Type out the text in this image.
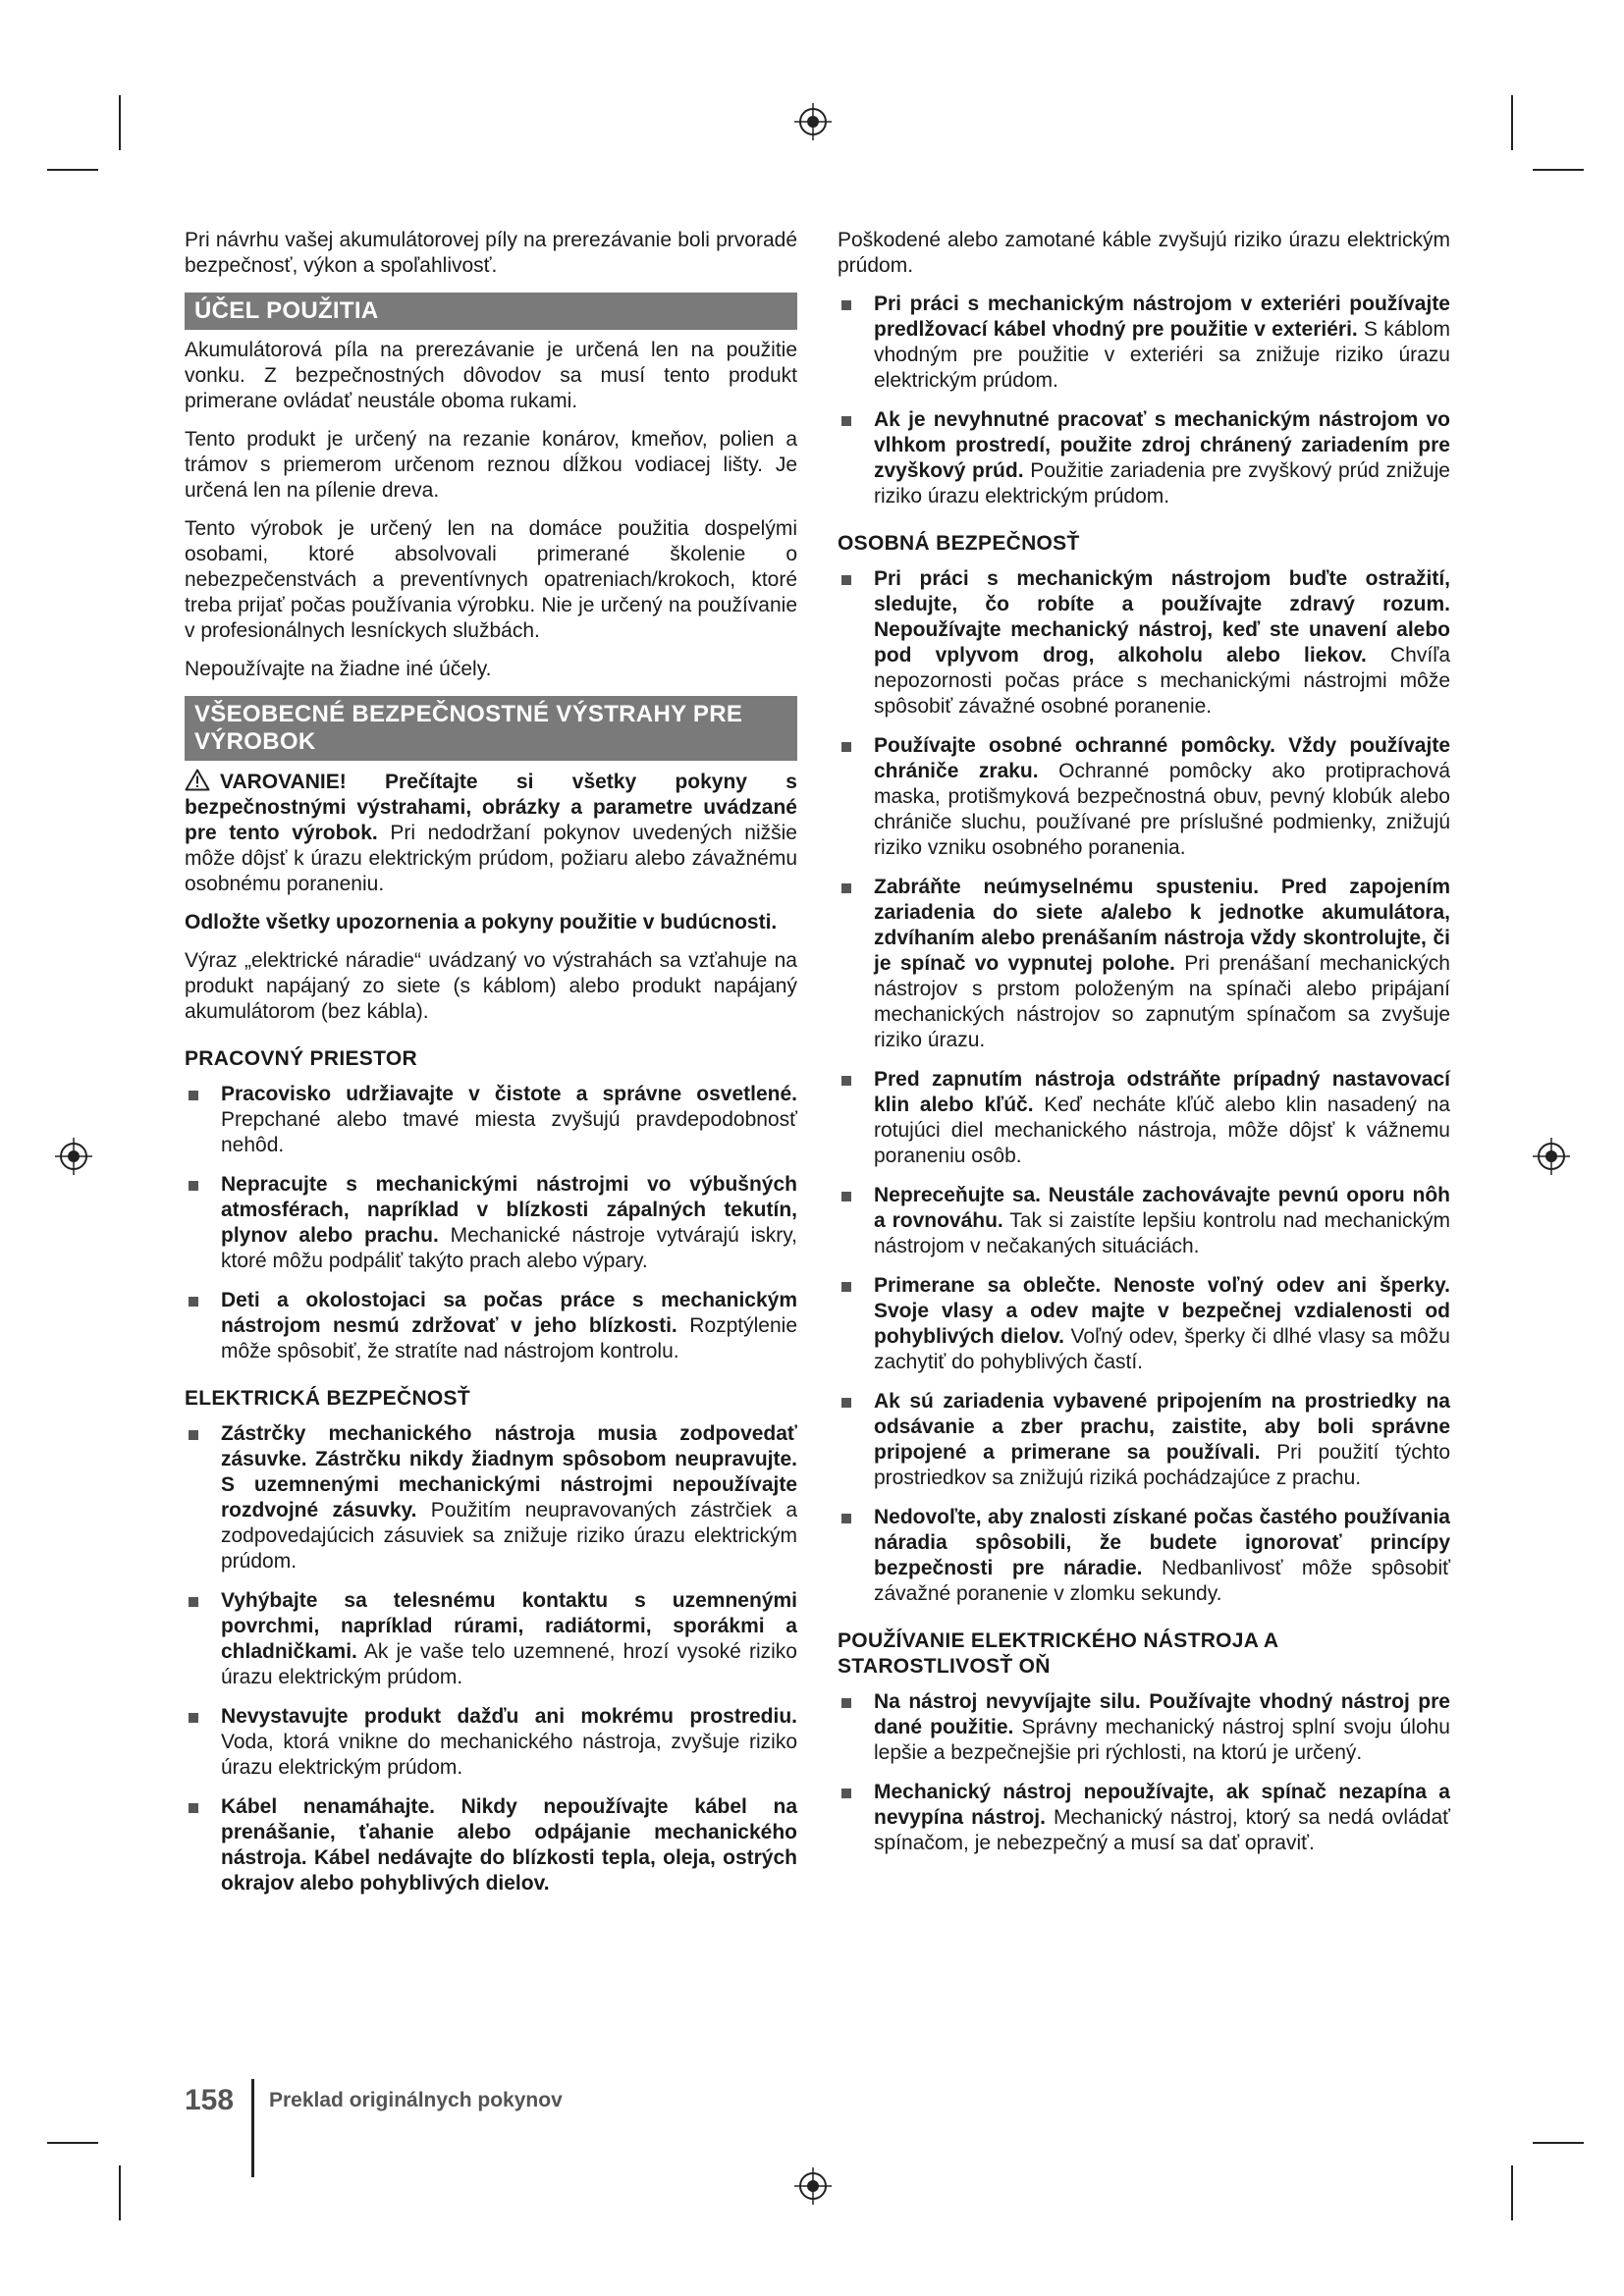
Pri návrhu vašej akumulátorovej píly na prerezávanie boli prvoradé bezpečnosť, výkon a spoľahlivosť.

ÚČEL POUŽITIA

Akumulátorová píla na prerezávanie je určená len na použitie vonku. Z bezpečnostných dôvodov sa musí tento produkt primerane ovládať neustále oboma rukami.

Tento produkt je určený na rezanie konárov, kmeňov, polien a trámov s priemerom určenom reznou dĺžkou vodiacej lišty. Je určená len na pílenie dreva.

Tento výrobok je určený len na domáce použitia dospelými osobami, ktoré absolvovali primerané školenie o nebezpečenstvách a preventívnych opatreniach/krokoch, ktoré treba prijať počas používania výrobku. Nie je určený na používanie v profesionálnych lesníckych službách.

Nepoužívajte na žiadne iné účely.

VŠEOBECNÉ BEZPEČNOSTNÉ VÝSTRAHY PRE VÝROBOK

VAROVANIE! Prečítajte si všetky pokyny s bezpečnostnými výstrahami, obrázky a parametre uvádzané pre tento výrobok. Pri nedodržaní pokynov uvedených nižšie môže dôjsť k úrazu elektrickým prúdom, požiaru alebo závažnému osobnému poraneniu.

Odložte všetky upozornenia a pokyny použitie v budúcnosti.

Výraz „elektrické náradie“ uvádzaný vo výstrahách sa vzťahuje na produkt napájaný zo siete (s káblom) alebo produkt napájaný akumulátorom (bez kábla).

PRACOVNÝ PRIESTOR
Pracovisko udržiavajte v čistote a správne osvetlené. Prepchané alebo tmavé miesta zvyšujú pravdepodobnosť nehôd.
Nepracujte s mechanickými nástrojmi vo výbušných atmosférach, napríklad v blízkosti zápalných tekutín, plynov alebo prachu. Mechanické nástroje vytvárajú iskry, ktoré môžu podpáliť takýto prach alebo výpary.
Deti a okolostojaci sa počas práce s mechanickým nástrojom nesmú zdržovať v jeho blízkosti. Rozptýlenie môže spôsobiť, že stratíte nad nástrojom kontrolu.
ELEKTRICKÁ BEZPEČNOSŤ
Zástrčky mechanického nástroja musia zodpovedať zásuvke. Zástrčku nikdy žiadnym spôsobom neupravujte. S uzemnenými mechanickými nástrojmi nepoužívajte rozdvojné zásuvky. Použitím neupravovaných zástrčiek a zodpovedajúcich zásuviek sa znižuje riziko úrazu elektrickým prúdom.
Vyhýbajte sa telesnému kontaktu s uzemnenými povrchmi, napríklad rúrami, radiátormi, sporákmi a chladničkami. Ak je vaše telo uzemnené, hrozí vysoké riziko úrazu elektrickým prúdom.
Nevystavujte produkt dažďu ani mokrému prostrediu. Voda, ktorá vnikne do mechanického nástroja, zvyšuje riziko úrazu elektrickým prúdom.
Kábel nenamáhajte. Nikdy nepoužívajte kábel na prenášanie, ťahanie alebo odpájanie mechanického nástroja. Kábel nedávajte do blízkosti tepla, oleja, ostrých okrajov alebo pohyblivých dielov.

Poškodené alebo zamotané káble zvyšujú riziko úrazu elektrickým prúdom.

Pri práci s mechanickým nástrojom v exteriéri používajte predlžovací kábel vhodný pre použitie v exteriéri. S káblom vhodným pre použitie v exteriéri sa znižuje riziko úrazu elektrickým prúdom.
Ak je nevyhnutné pracovať s mechanickým nástrojom vo vlhkom prostredí, použite zdroj chránený zariadením pre zvyškový prúd. Použitie zariadenia pre zvyškový prúd znižuje riziko úrazu elektrickým prúdom.
OSOBNÁ BEZPEČNOSŤ
Pri práci s mechanickým nástrojom buďte ostražití, sledujte, čo robíte a používajte zdravý rozum. Nepoužívajte mechanický nástroj, keď ste unavení alebo pod vplyvom drog, alkoholu alebo liekov. Chvíľa nepozornosti počas práce s mechanickými nástrojmi môže spôsobiť závažné osobné poranenie.
Používajte osobné ochranné pomôcky. Vždy používajte chrániče zraku. Ochranné pomôcky ako protiprachová maska, protišmyková bezpečnostná obuv, pevný klobúk alebo chrániče sluchu, používané pre príslušné podmienky, znižujú riziko vzniku osobného poranenia.
Zabráňte neúmyselnému spusteniu. Pred zapojením zariadenia do siete a/alebo k jednotke akumulátora, zdvíhaním alebo prenášaním nástroja vždy skontrolujte, či je spínač vo vypnutej polohe. Pri prenášaní mechanických nástrojov s prstom položeným na spínači alebo pripájaní mechanických nástrojov so zapnutým spínačom sa zvyšuje riziko úrazu.
Pred zapnutím nástroja odstráňte prípadný nastavovací klin alebo kľúč. Keď necháte kľúč alebo klin nasadený na rotujúci diel mechanického nástroja, môže dôjsť k vážnemu poraneniu osôb.
Nepreceňujte sa. Neustále zachovávajte pevnú oporu nôh a rovnováhu. Tak si zaistíte lepšiu kontrolu nad mechanickým nástrojom v nečakaných situáciách.
Primerane sa oblečte. Nenoste voľný odev ani šperky. Svoje vlasy a odev majte v bezpečnej vzdialenosti od pohyblivých dielov. Voľný odev, šperky či dlhé vlasy sa môžu zachytiť do pohyblivých častí.
Ak sú zariadenia vybavené pripojením na prostriedky na odsávanie a zber prachu, zaistite, aby boli správne pripojené a primerane sa používali. Pri použití týchto prostriedkov sa znižujú riziká pochádzajúce z prachu.
Nedovoľte, aby znalosti získané počas častého používania náradia spôsobili, že budete ignorovať princípy bezpečnosti pre náradie. Nedbanlivosť môže spôsobiť závažné poranenie v zlomku sekundy.
POUŽÍVANIE ELEKTRICKÉHO NÁSTROJA A STAROSTLIVOSŤ OŇ
Na nástroj nevyvíjajte silu. Používajte vhodný nástroj pre dané použitie. Správny mechanický nástroj splní svoju úlohu lepšie a bezpečnejšie pri rýchlosti, na ktorú je určený.
Mechanický nástroj nepoužívajte, ak spínač nezapína a nevypína nástroj. Mechanický nástroj, ktorý sa nedá ovládať spínačom, je nebezpečný a musí sa dať opraviť.
158 Preklad originálnych pokynov
